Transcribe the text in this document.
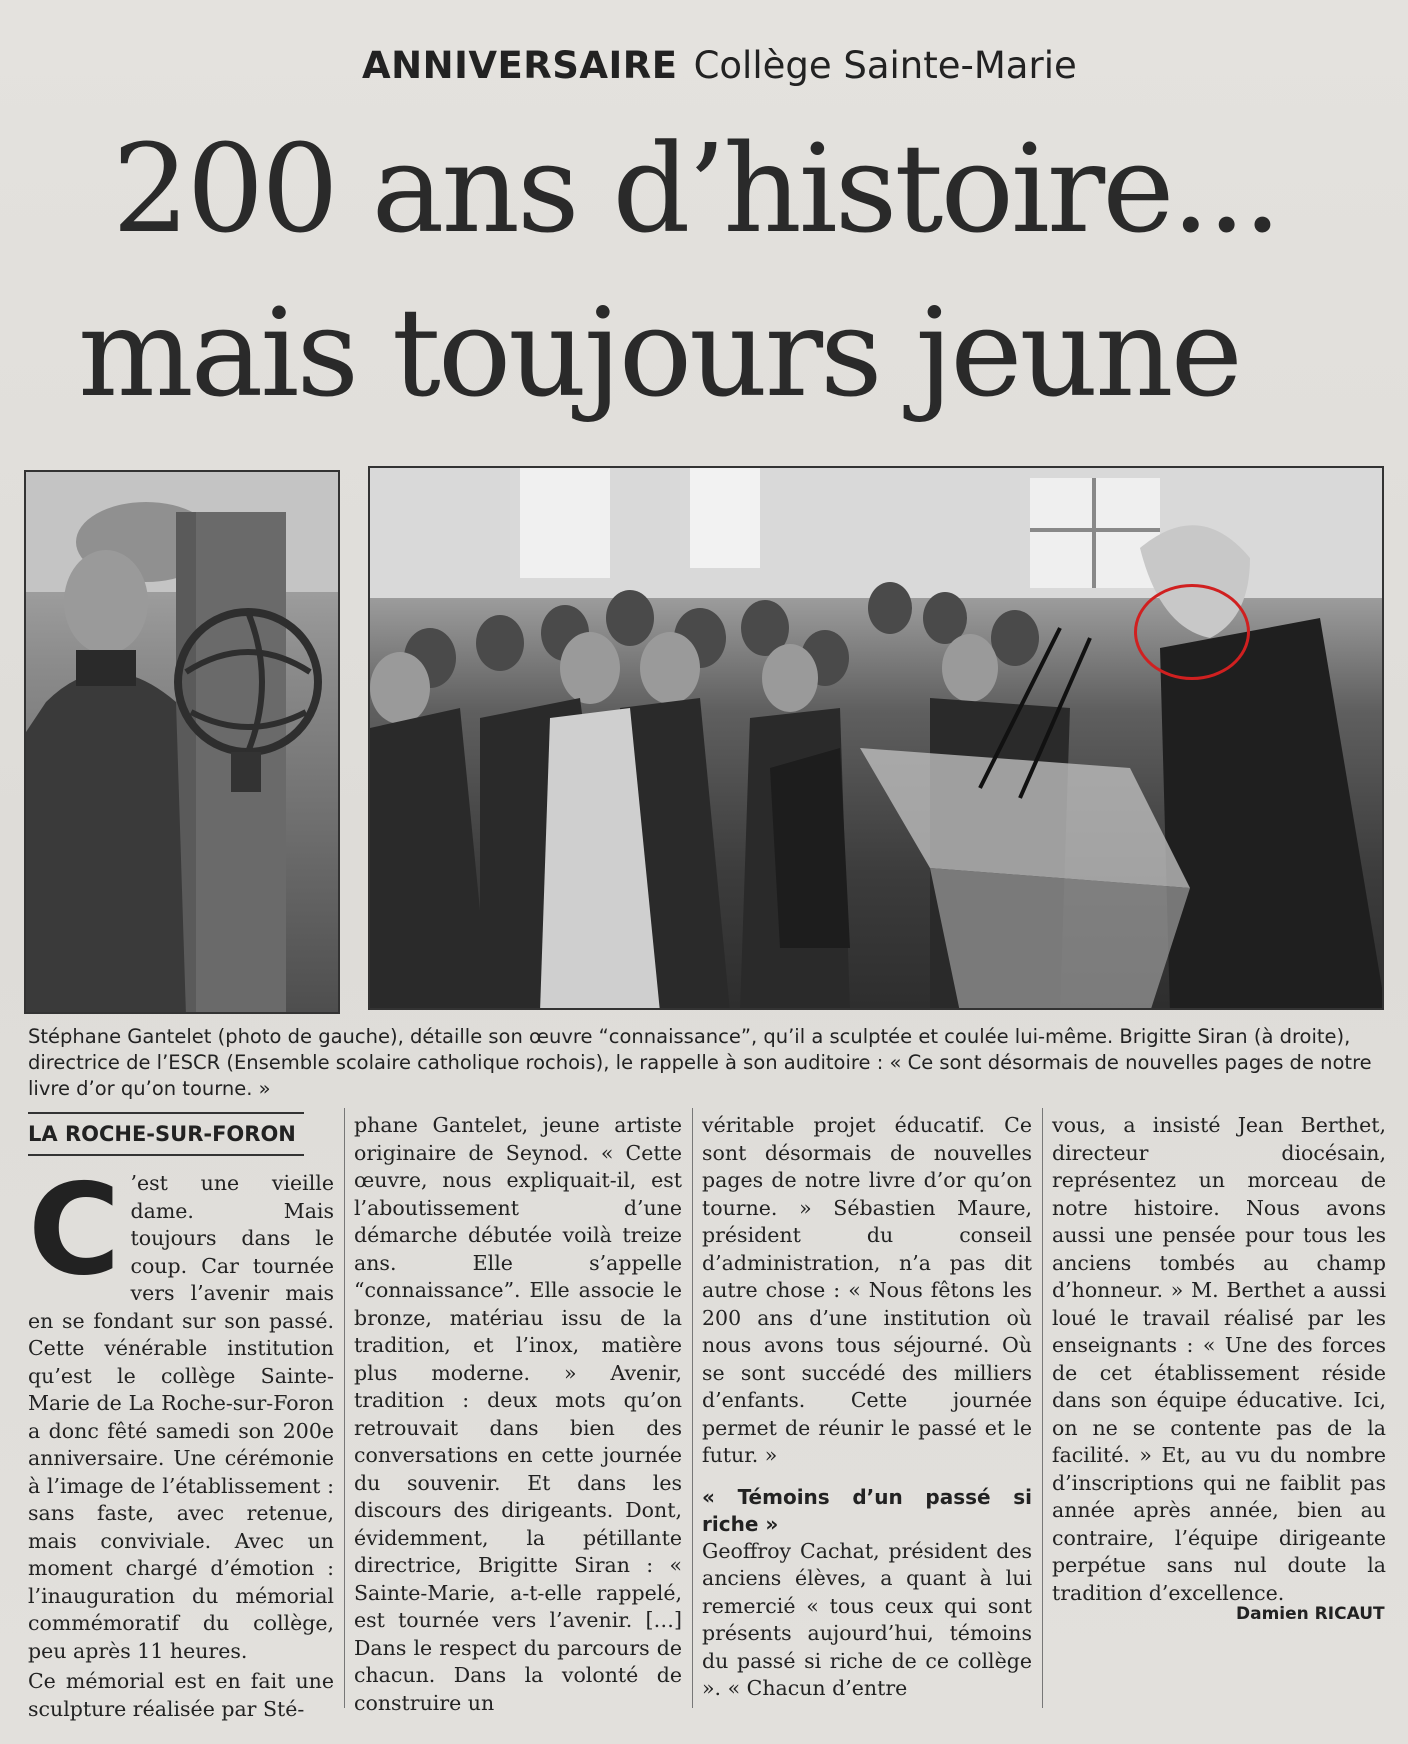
ANNIVERSAIRE Collège Sainte-Marie
200 ans d’histoire...
mais toujours jeune
Stéphane Gantelet (photo de gauche), détaille son œuvre “connaissance”, qu’il a sculptée et coulée lui-même. Brigitte Siran (à droite), directrice de l’ESCR (Ensemble scolaire catholique rochois), le rappelle à son auditoire : « Ce sont désormais de nouvelles pages de notre livre d’or qu’on tourne. »
LA ROCHE-SUR-FORON

C ’est une vieille dame. Mais toujours dans le coup. Car tournée vers l’avenir mais en se fondant sur son passé. Cette vénérable institution qu’est le collège Sainte-Marie de La Roche-sur-Foron a donc fêté samedi son 200e anniversaire. Une cérémonie à l’image de l’établissement : sans faste, avec retenue, mais conviviale. Avec un moment chargé d’émotion : l’inauguration du mémorial commémoratif du collège, peu après 11 heures.

Ce mémorial est en fait une sculpture réalisée par Sté-

phane Gantelet, jeune artiste originaire de Seynod. « Cette œuvre, nous expliquait-il, est l’aboutissement d’une démarche débutée voilà treize ans. Elle s’appelle “connaissance”. Elle associe le bronze, matériau issu de la tradition, et l’inox, matière plus moderne. » Avenir, tradition : deux mots qu’on retrouvait dans bien des conversations en cette journée du souvenir. Et dans les discours des dirigeants. Dont, évidemment, la pétillante directrice, Brigitte Siran : « Sainte-Marie, a-t-elle rappelé, est tournée vers l’avenir. […] Dans le respect du parcours de chacun. Dans la volonté de construire un

véritable projet éducatif. Ce sont désormais de nouvelles pages de notre livre d’or qu’on tourne. » Sébastien Maure, président du conseil d’administration, n’a pas dit autre chose : « Nous fêtons les 200 ans d’une institution où nous avons tous séjourné. Où se sont succédé des milliers d’enfants. Cette journée permet de réunir le passé et le futur. »

« Témoins d’un passé si riche »

Geoffroy Cachat, président des anciens élèves, a quant à lui remercié « tous ceux qui sont présents aujourd’hui, témoins du passé si riche de ce collège ». « Chacun d’entre

vous, a insisté Jean Berthet, directeur diocésain, représentez un morceau de notre histoire. Nous avons aussi une pensée pour tous les anciens tombés au champ d’honneur. » M. Berthet a aussi loué le travail réalisé par les enseignants : « Une des forces de cet établissement réside dans son équipe éducative. Ici, on ne se contente pas de la facilité. » Et, au vu du nombre d’inscriptions qui ne faiblit pas année après année, bien au contraire, l’équipe dirigeante perpétue sans nul doute la tradition d’excellence.

Damien RICAUT
